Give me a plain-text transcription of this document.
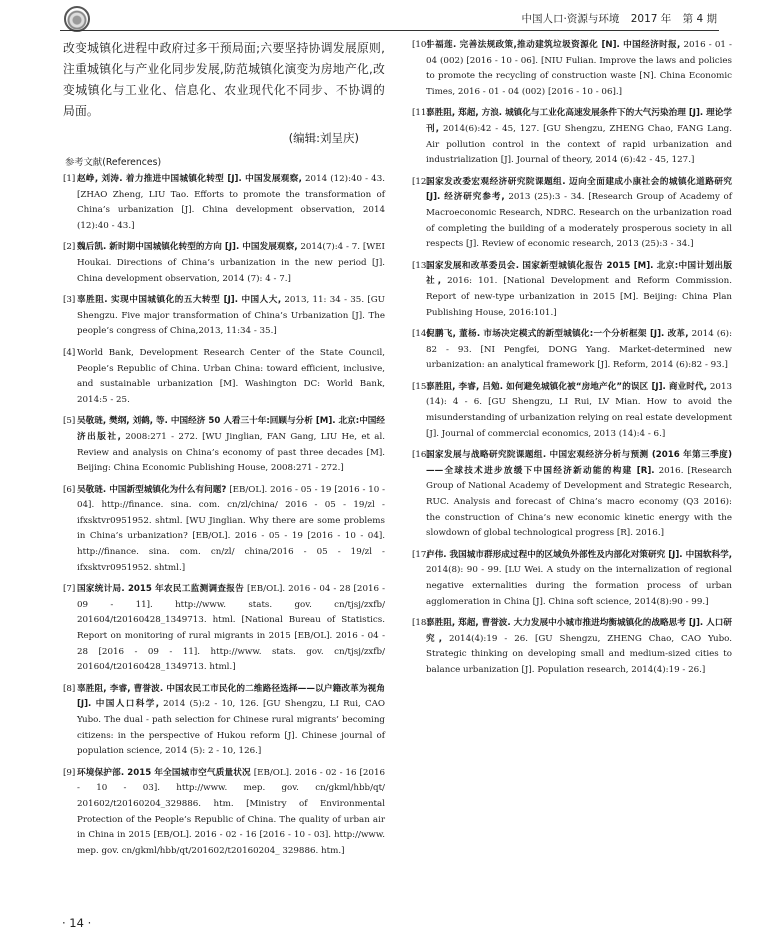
中国人口·资源与环境 2017 年 第 4 期

改变城镇化进程中政府过多干预局面;六要坚持协调发展原则,注重城镇化与产业化同步发展,防范城镇化演变为房地产化,改变城镇化与工业化、信息化、农业现代化不同步、不协调的局面。

(编辑:刘呈庆)
参考文献(References)

[1] 赵峥, 刘涛. 着力推进中国城镇化转型 [J]. 中国发展观察, 2014 (12):40 - 43. [ZHAO Zheng, LIU Tao. Efforts to promote the transformation of China’s urbanization [J]. China development observation, 2014 (12):40 - 43.]

[2] 魏后凯. 新时期中国城镇化转型的方向 [J]. 中国发展观察, 2014(7):4 - 7. [WEI Houkai. Directions of China’s urbanization in the new period [J]. China development observation, 2014 (7): 4 - 7.]

[3] 辜胜阻. 实现中国城镇化的五大转型 [J]. 中国人大, 2013, 11: 34 - 35. [GU Shengzu. Five major transformation of China’s Urbanization [J]. The people’s congress of China,2013, 11:34 - 35.]

[4] World Bank, Development Research Center of the State Council, People’s Republic of China. Urban China: toward efficient, inclusive, and sustainable urbanization [M]. Washington DC: World Bank, 2014:5 - 25.

[5] 吴敬琏, 樊纲, 刘鹤, 等. 中国经济 50 人看三十年:回顾与分析 [M]. 北京:中国经济出版社, 2008:271 - 272. [WU Jinglian, FAN Gang, LIU He, et al. Review and analysis on China’s economy of past three decades [M]. Beijing: China Economic Publishing House, 2008:271 - 272.]

[6] 吴敬琏. 中国新型城镇化为什么有问题? [EB/OL]. 2016 - 05 - 19 [2016 - 10 - 04]. http://finance. sina. com. cn/zl/china/ 2016 - 05 - 19/zl - ifxsktvr0951952. shtml. [WU Jinglian. Why there are some problems in China’s urbanization? [EB/OL]. 2016 - 05 - 19 [2016 - 10 - 04]. http://finance. sina. com. cn/zl/ china/2016 - 05 - 19/zl - ifxsktvr0951952. shtml.]

[7] 国家统计局. 2015 年农民工监测调查报告 [EB/OL]. 2016 - 04 - 28 [2016 - 09 - 11]. http://www. stats. gov. cn/tjsj/zxfb/ 201604/t20160428_1349713. html. [National Bureau of Statistics. Report on monitoring of rural migrants in 2015 [EB/OL]. 2016 - 04 - 28 [2016 - 09 - 11]. http://www. stats. gov. cn/tjsj/zxfb/ 201604/t20160428_1349713. html.]

[8] 辜胜阻, 李睿, 曹誉波. 中国农民工市民化的二维路径选择——以户籍改革为视角 [J]. 中国人口科学, 2014 (5):2 - 10, 126. [GU Shengzu, LI Rui, CAO Yubo. The dual - path selection for Chinese rural migrants’ becoming citizens: in the perspective of Hukou reform [J]. Chinese journal of population science, 2014 (5): 2 - 10, 126.]

[9] 环境保护部. 2015 年全国城市空气质量状况 [EB/OL]. 2016 - 02 - 16 [2016 - 10 - 03]. http://www. mep. gov. cn/gkml/hbb/qt/ 201602/t20160204_329886. htm. [Ministry of Environmental Protection of the People’s Republic of China. The quality of urban air in China in 2015 [EB/OL]. 2016 - 02 - 16 [2016 - 10 - 03]. http://www. mep. gov. cn/gkml/hbb/qt/201602/t20160204_ 329886. htm.]

[10]
牛福莲. 完善法规政策,推动建筑垃圾资源化 [N]. 中国经济时报, 2016 - 01 - 04 (002) [2016 - 10 - 06]. [NIU Fulian. Improve the laws and policies to promote the recycling of construction waste [N]. China Economic Times, 2016 - 01 - 04 (002) [2016 - 10 - 06].]

[11]
辜胜阻, 郑超, 方浪. 城镇化与工业化高速发展条件下的大气污染治理 [J]. 理论学刊, 2014(6):42 - 45, 127. [GU Shengzu, ZHENG Chao, FANG Lang. Air pollution control in the context of rapid urbanization and industrialization [J]. Journal of theory, 2014 (6):42 - 45, 127.]

[12]
国家发改委宏观经济研究院课题组. 迈向全面建成小康社会的城镇化道路研究 [J]. 经济研究参考, 2013 (25):3 - 34. [Research Group of Academy of Macroeconomic Research, NDRC. Research on the urbanization road of completing the building of a moderately prosperous society in all respects [J]. Review of economic research, 2013 (25):3 - 34.]

[13]
国家发展和改革委员会. 国家新型城镇化报告 2015 [M]. 北京:中国计划出版社, 2016: 101. [National Development and Reform Commission. Report of new-type urbanization in 2015 [M]. Beijing: China Plan Publishing House, 2016:101.]

[14]
倪鹏飞, 董杨. 市场决定模式的新型城镇化:一个分析框架 [J]. 改革, 2014 (6): 82 - 93. [NI Pengfei, DONG Yang. Market-determined new urbanization: an analytical framework [J]. Reform, 2014 (6):82 - 93.]

[15]
辜胜阻, 李睿, 吕勉. 如何避免城镇化被“房地产化”的误区 [J]. 商业时代, 2013 (14): 4 - 6. [GU Shengzu, LI Rui, LV Mian. How to avoid the misunderstanding of urbanization relying on real estate development [J]. Journal of commercial economics, 2013 (14):4 - 6.]

[16]
国家发展与战略研究院课题组. 中国宏观经济分析与预测 (2016 年第三季度)——全球技术进步放缓下中国经济新动能的构建 [R]. 2016. [Research Group of National Academy of Development and Strategic Research, RUC. Analysis and forecast of China’s macro economy (Q3 2016): the construction of China’s new economic kinetic energy with the slowdown of global technological progress [R]. 2016.]

[17]
卢伟. 我国城市群形成过程中的区域负外部性及内部化对策研究 [J]. 中国软科学, 2014(8): 90 - 99. [LU Wei. A study on the internalization of regional negative externalities during the formation process of urban agglomeration in China [J]. China soft science, 2014(8):90 - 99.]

[18]
辜胜阻, 郑超, 曹誉波. 大力发展中小城市推进均衡城镇化的战略思考 [J]. 人口研究, 2014(4):19 - 26. [GU Shengzu, ZHENG Chao, CAO Yubo. Strategic thinking on developing small and medium-sized cities to balance urbanization [J]. Population research, 2014(4):19 - 26.]

· 14 ·
